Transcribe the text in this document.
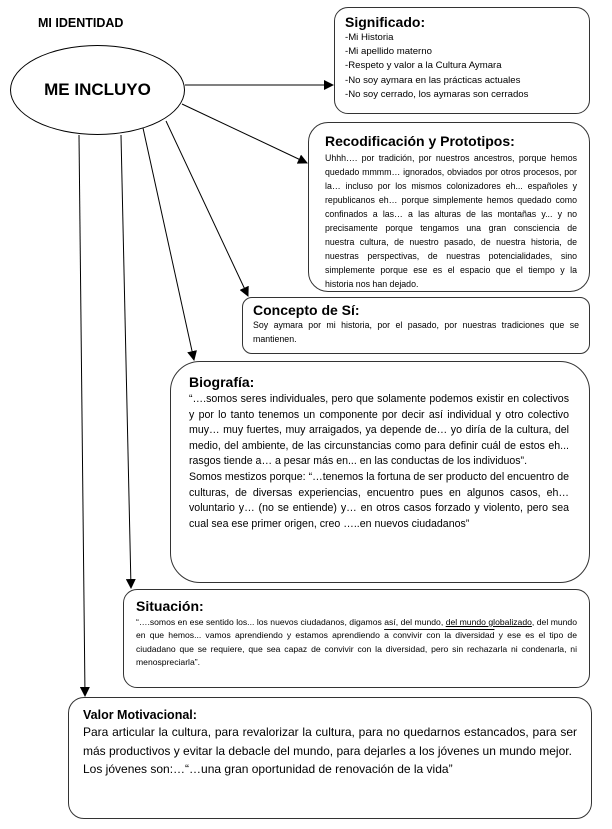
MI IDENTIDAD
ME INCLUYO
Significado:
-Mi Historia
-Mi apellido materno
-Respeto y valor a la Cultura Aymara
-No soy aymara en las prácticas actuales
-No soy cerrado, los aymaras son cerrados
Recodificación y Prototipos:

Uhhh…. por tradición, por nuestros ancestros, porque hemos quedado mmmm… ignorados, obviados por otros procesos, por la… incluso por los mismos colonizadores eh... españoles y republicanos eh… porque simplemente hemos quedado como confinados a las… a las alturas de las montañas y... y no precisamente porque tengamos una gran consciencia de nuestra cultura, de nuestro pasado, de nuestra historia, de nuestras perspectivas, de nuestras potencialidades, sino simplemente porque ese es el espacio que el tiempo y la historia nos han dejado.

Concepto de Sí:

Soy aymara por mi historia, por el pasado, por nuestras tradiciones que se mantienen.

Biografía:

“….somos seres individuales, pero que solamente podemos existir en colectivos y por lo tanto tenemos un componente por decir así individual y otro colectivo muy… muy fuertes, muy arraigados, ya depende de… yo diría de la cultura, del medio, del ambiente, de las circunstancias como para definir cuál de estos eh... rasgos tiende a… a pesar más en... en las conductas de los individuos”.

Somos mestizos porque: “…tenemos la fortuna de ser producto del encuentro de culturas, de diversas experiencias, encuentro pues en algunos casos, eh… voluntario y… (no se entiende) y… en otros casos forzado y violento, pero sea cual sea ese primer origen, creo …..en nuevos ciudadanos”

Situación:

“….somos en ese sentido los... los nuevos ciudadanos, digamos así, del mundo, del mundo globalizado, del mundo en que hemos... vamos aprendiendo y estamos aprendiendo a convivir con la diversidad y ese es el tipo de ciudadano que se requiere, que sea capaz de convivir con la diversidad, pero sin rechazarla ni condenarla, ni menospreciarla”.

Valor Motivacional:

Para articular la cultura, para revalorizar la cultura, para no quedarnos estancados, para ser más productivos y evitar la debacle del mundo, para dejarles a los jóvenes un mundo mejor.

Los jóvenes son:…“…una gran oportunidad de renovación de la vida”
